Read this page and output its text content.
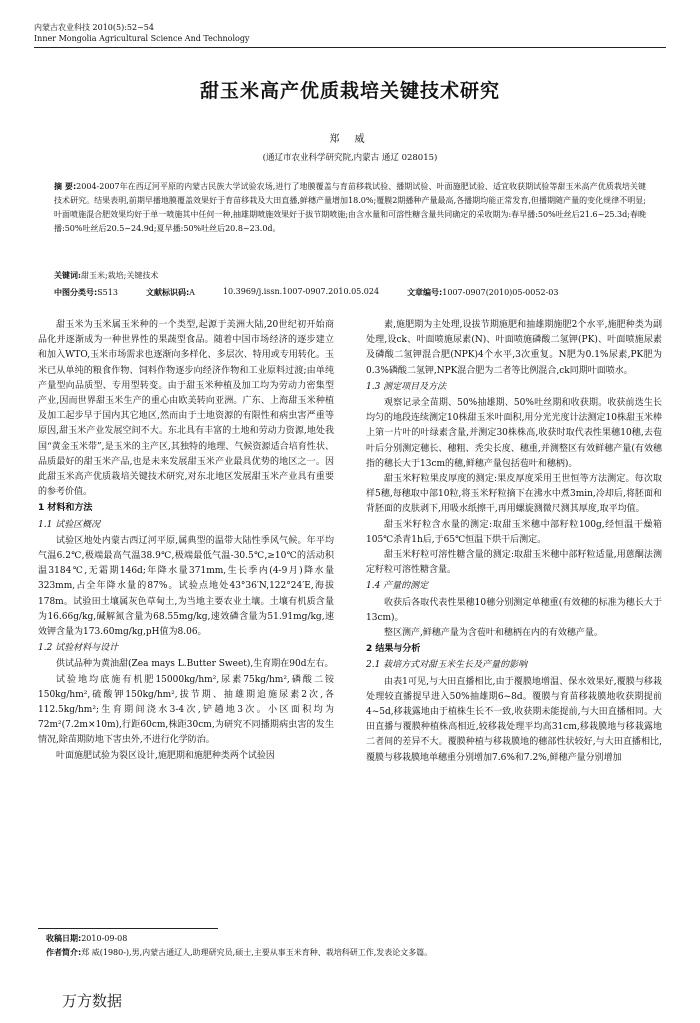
内蒙古农业科技 2010(5):52~54
Inner Mongolia Agricultural Science And Technology
甜玉米高产优质栽培关键技术研究
郑 威
(通辽市农业科学研究院,内蒙古 通辽 028015)
摘 要:2004-2007年在西辽河平原的内蒙古民族大学试验农场,进行了地膜覆盖与育苗移栽试验、播期试验、叶面施肥试验、适宜收获期试验等甜玉米高产优质栽培关键技术研究。结果表明,前期早播地膜覆盖效果好于育苗移栽及大田直播,鲜穗产量增加18.0%;覆膜2期播种产量最高,各播期均能正常发育,但播期随产量的变化规律不明显;叶面喷施混合肥效果均好于单一喷施其中任何一种,抽雄期喷施效果好于拔节期喷施;由含水量和可溶性糖含量共同确定的采收期为:春早播:50%吐丝后21.6~25.3d;春晚播:50%吐丝后20.5~24.9d;夏早播:50%吐丝后20.8~23.0d。
关键词:甜玉米;栽培;关键技术
中图分类号:S513	文献标识码:A	10.3969/j.issn.1007-0907.2010.05.024	文章编号:1007-0907(2010)05-0052-03

甜玉米为玉米属玉米种的一个类型,起源于美洲大陆,20世纪初开始商品化并逐渐成为一种世界性的果蔬型食品。随着中国市场经济的逐步建立和加入WTO,玉米市场需求也逐渐向多样化、多层次、特用或专用转化。玉米已从单纯的粮食作物、饲料作物逐步向经济作物和工业原料过渡;由单纯产量型向品质型、专用型转变。由于甜玉米种植及加工均为劳动力密集型产业,因而世界甜玉米生产的重心由欧美转向亚洲。广东、上海甜玉米种植及加工起步早于国内其它地区,然而由于土地资源的有限性和病虫害严重等原因,甜玉米产业发展空间不大。东北具有丰富的土地和劳动力资源,地处我国“黄金玉米带”,是玉米的主产区,其独特的地理、气候资源适合培育性状、品质最好的甜玉米产品,也是未来发展甜玉米产业最具优势的地区之一。因此甜玉米高产优质栽培关键技术研究,对东北地区发展甜玉米产业具有重要的参考价值。

1 材料和方法

1.1 试验区概况

试验区地处内蒙古西辽河平原,属典型的温带大陆性季风气候。年平均气温6.2℃,极端最高气温38.9℃,极端最低气温-30.5℃,≥10℃的活动积温3184℃,无霜期146d;年降水量371mm,生长季内(4-9月)降水量323mm,占全年降水量的87%。试验点地处43°36′N,122°24′E,海拔178m。试验田土壤属灰色草甸土,为当地主要农业土壤。土壤有机质含量为16.66g/kg,碱解氮含量为68.55mg/kg,速效磷含量为51.91mg/kg,速效钾含量为173.60mg/kg,pH值为8.06。

1.2 试验材料与设计

供试品种为黄油甜(Zea mays L.Butter Sweet),生育期在90d左右。

试验地均底施有机肥15000kg/hm²,尿素75kg/hm²,磷酸二铵150kg/hm²,硫酸钾150kg/hm²,拔节期、抽雄期追施尿素2次,各112.5kg/hm²;生育期间浇水3-4次,铲趟地3次。小区面积均为72m²(7.2m×10m),行距60cm,株距30cm,为研究不同播期病虫害的发生情况,除苗期防地下害虫外,不进行化学防治。

叶面施肥试验为裂区设计,施肥期和施肥种类两个试验因

素,施肥期为主处理,设拔节期施肥和抽雄期施肥2个水平,施肥种类为副处理,设ck、叶面喷施尿素(N)、叶面喷施磷酸二氢钾(PK)、叶面喷施尿素及磷酸二氢钾混合肥(NPK)4个水平,3次重复。N肥为0.1%尿素,PK肥为0.3%磷酸二氢钾,NPK混合肥为二者等比例混合,ck同期叶面喷水。

1.3 测定项目及方法

观察记录全苗期、50%抽雄期、50%吐丝期和收获期。收获前选生长均匀的地段连续测定10株甜玉米叶面积,用分光光度计法测定10株甜玉米棒上第一片叶的叶绿素含量,并测定30株株高,收获时取代表性果穗10穗,去苞叶后分别测定穗长、穗粗、秃尖长度、穗重,并测整区有效鲜穗产量(有效穗指的穗长大于13cm的穗,鲜穗产量包括苞叶和穗柄)。

甜玉米籽粒果皮厚度的测定:果皮厚度采用王世恒等方法测定。每次取样5穗,每穗取中部10粒,将玉米籽粒摘下在沸水中煮3min,冷却后,将胚面和背胚面的皮肤剥下,用吸水纸擦干,再用螺旋测微尺测其厚度,取平均值。

甜玉米籽粒含水量的测定:取甜玉米穗中部籽粒100g,经恒温干燥箱105℃杀青1h后,于65℃恒温下烘干后测定。

甜玉米籽粒可溶性糖含量的测定:取甜玉米穗中部籽粒适量,用蒽酮法测定籽粒可溶性糖含量。

1.4 产量的测定

收获后各取代表性果穗10穗分别测定单穗重(有效穗的标准为穗长大于13cm)。

整区测产,鲜穗产量为含苞叶和穗柄在内的有效穗产量。

2 结果与分析

2.1 栽培方式对甜玉米生长及产量的影响

由表1可见,与大田直播相比,由于覆膜地增温、保水效果好,覆膜与移栽处理较直播提早进入50%抽雄期6~8d。覆膜与育苗移栽膜地收获期提前4~5d,移栽露地由于植株生长不一致,收获期未能提前,与大田直播相同。大田直播与覆膜种植株高相近,较移栽处理平均高31cm,移栽膜地与移栽露地二者间的差异不大。覆膜种植与移栽膜地的穗部性状较好,与大田直播相比,覆膜与移栽膜地单穗重分别增加7.6%和7.2%,鲜穗产量分别增加

收稿日期:2010-09-08
作者简介:郑 威(1980-),男,内蒙古通辽人,助理研究员,硕士,主要从事玉米育种、栽培科研工作,发表论文多篇。
万方数据
